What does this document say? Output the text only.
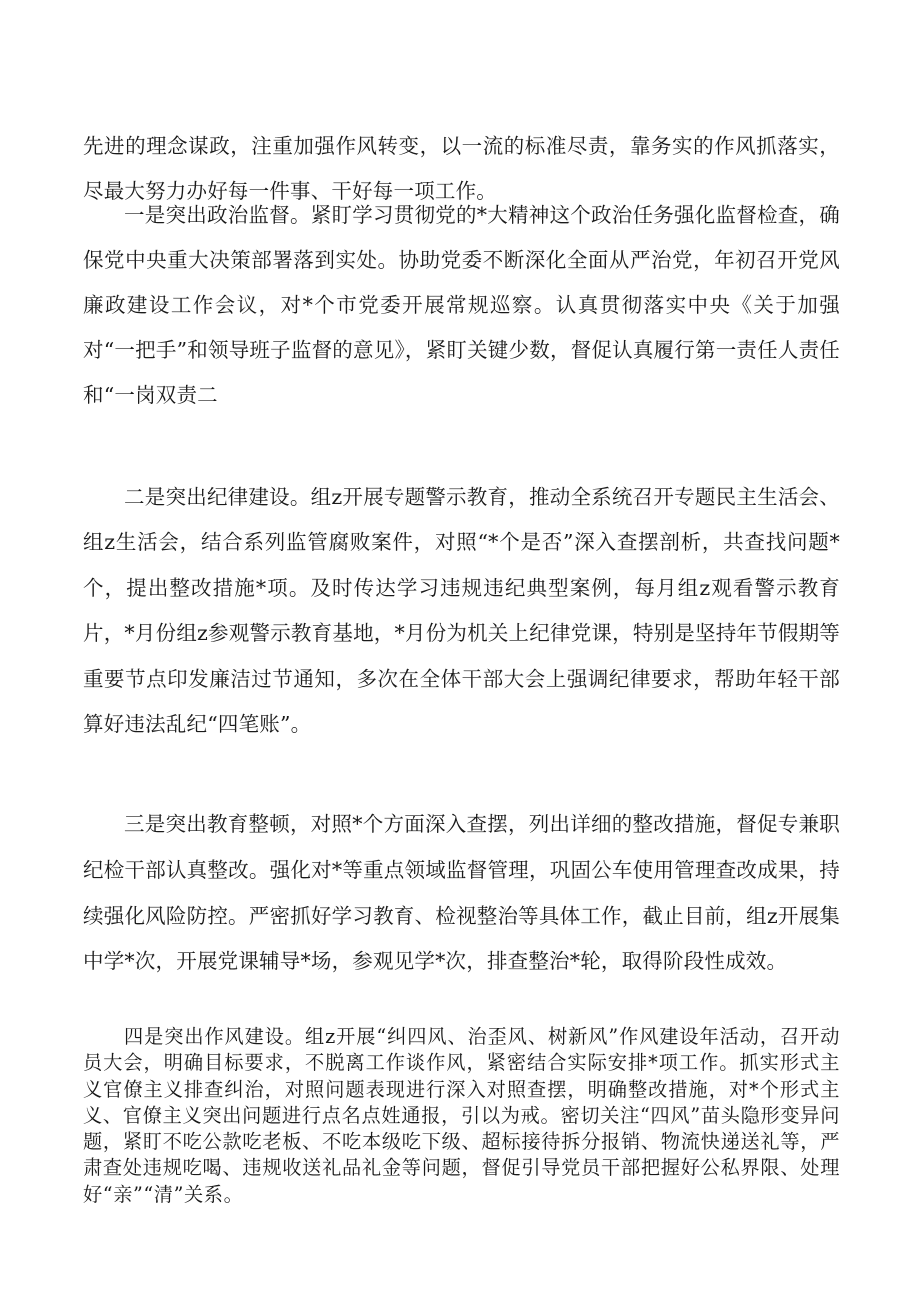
先进的理念谋政，注重加强作风转变，以一流的标准尽责，靠务实的作风抓落实，尽最大努力办好每一件事、干好每一项工作。

一是突出政治监督。紧盯学习贯彻党的*大精神这个政治任务强化监督检查，确保党中央重大决策部署落到实处。协助党委不断深化全面从严治党，年初召开党风廉政建设工作会议，对*个市党委开展常规巡察。认真贯彻落实中央《关于加强对“一把手”和领导班子监督的意见》，紧盯关键少数，督促认真履行第一责任人责任和“一岗双责二

二是突出纪律建设。组z开展专题警示教育，推动全系统召开专题民主生活会、组z生活会，结合系列监管腐败案件，对照“*个是否”深入查摆剖析，共查找问题*个，提出整改措施*项。及时传达学习违规违纪典型案例，每月组z观看警示教育片，*月份组z参观警示教育基地，*月份为机关上纪律党课，特别是坚持年节假期等重要节点印发廉洁过节通知，多次在全体干部大会上强调纪律要求，帮助年轻干部算好违法乱纪“四笔账”。

三是突出教育整顿，对照*个方面深入查摆，列出详细的整改措施，督促专兼职纪检干部认真整改。强化对*等重点领域监督管理，巩固公车使用管理查改成果，持续强化风险防控。严密抓好学习教育、检视整治等具体工作，截止目前，组z开展集中学*次，开展党课辅导*场，参观见学*次，排查整治*轮，取得阶段性成效。

四是突出作风建设。组z开展“纠四风、治歪风、树新风”作风建设年活动，召开动员大会，明确目标要求，不脱离工作谈作风，紧密结合实际安排*项工作。抓实形式主义官僚主义排查纠治，对照问题表现进行深入对照查摆，明确整改措施，对*个形式主义、官僚主义突出问题进行点名点姓通报，引以为戒。密切关注“四风”苗头隐形变异问题，紧盯不吃公款吃老板、不吃本级吃下级、超标接待拆分报销、物流快递送礼等，严肃查处违规吃喝、违规收送礼品礼金等问题，督促引导党员干部把握好公私界限、处理好“亲”“清”关系。
